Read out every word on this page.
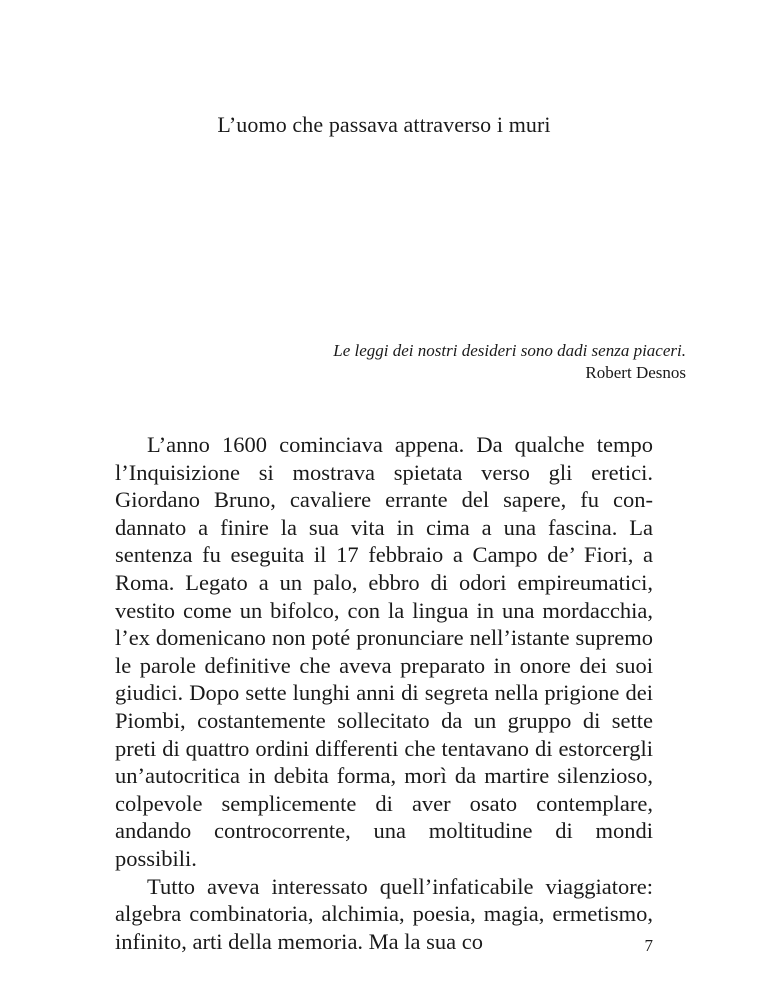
L’uomo che passava attraverso i muri
Le leggi dei nostri desideri sono dadi senza piaceri.
Robert Desnos

L’anno 1600 cominciava appena. Da qualche tempo l’Inquisizione si mostrava spietata verso gli eretici. Giordano Bruno, cavaliere errante del sapere, fu condannato a finire la sua vita in cima a una fascina. La sentenza fu eseguita il 17 febbraio a Campo de’ Fiori, a Roma. Legato a un palo, ebbro di odori empireumatici, vestito come un bifolco, con la lingua in una mordacchia, l’ex domenicano non poté pronunciare nell’istante supremo le parole definitive che aveva preparato in onore dei suoi giudici. Dopo sette lunghi anni di segreta nella prigione dei Piombi, costantemente sollecitato da un gruppo di sette preti di quattro ordini differenti che tentavano di estorcergli un’autocritica in debita forma, morì da martire silenzioso, colpevole semplicemente di aver osato contemplare, andando controcorrente, una moltitudine di mondi possibili.

Tutto aveva interessato quell’infaticabile viaggiatore: algebra combinatoria, alchimia, poesia, magia, ermetismo, infinito, arti della memoria. Ma la sua co	7
